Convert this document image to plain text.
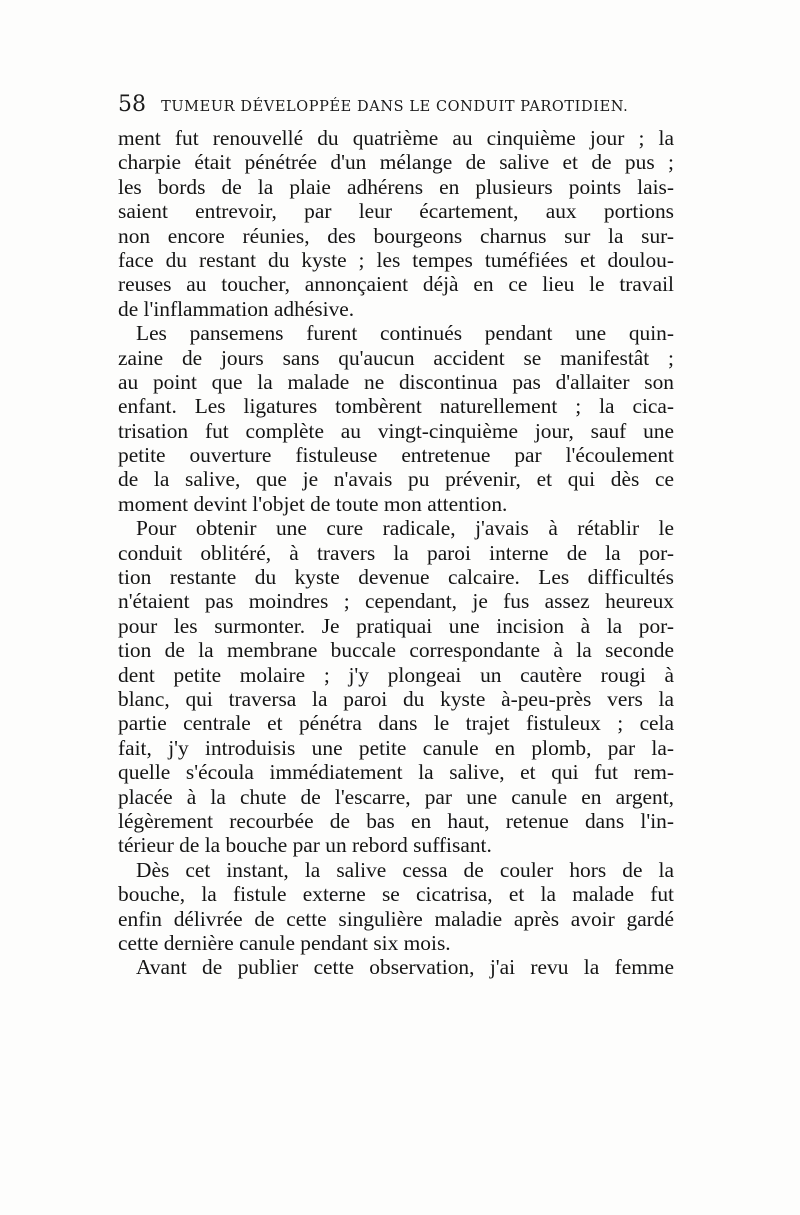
58 TUMEUR DÉVELOPPÉE DANS LE CONDUIT PAROTIDIEN.
ment fut renouvellé du quatrième au cinquième jour ; la
charpie était pénétrée d'un mélange de salive et de pus ;
les bords de la plaie adhérens en plusieurs points lais-
saient entrevoir, par leur écartement, aux portions
non encore réunies, des bourgeons charnus sur la sur-
face du restant du kyste ; les tempes tuméfiées et doulou-
reuses au toucher, annonçaient déjà en ce lieu le travail
de l'inflammation adhésive.
Les pansemens furent continués pendant une quin-
zaine de jours sans qu'aucun accident se manifestât ;
au point que la malade ne discontinua pas d'allaiter son
enfant. Les ligatures tombèrent naturellement ; la cica-
trisation fut complète au vingt-cinquième jour, sauf une
petite ouverture fistuleuse entretenue par l'écoulement
de la salive, que je n'avais pu prévenir, et qui dès ce
moment devint l'objet de toute mon attention.
Pour obtenir une cure radicale, j'avais à rétablir le
conduit oblitéré, à travers la paroi interne de la por-
tion restante du kyste devenue calcaire. Les difficultés
n'étaient pas moindres ; cependant, je fus assez heureux
pour les surmonter. Je pratiquai une incision à la por-
tion de la membrane buccale correspondante à la seconde
dent petite molaire ; j'y plongeai un cautère rougi à
blanc, qui traversa la paroi du kyste à-peu-près vers la
partie centrale et pénétra dans le trajet fistuleux ; cela
fait, j'y introduisis une petite canule en plomb, par la-
quelle s'écoula immédiatement la salive, et qui fut rem-
placée à la chute de l'escarre, par une canule en argent,
légèrement recourbée de bas en haut, retenue dans l'in-
térieur de la bouche par un rebord suffisant.
Dès cet instant, la salive cessa de couler hors de la
bouche, la fistule externe se cicatrisa, et la malade fut
enfin délivrée de cette singulière maladie après avoir gardé
cette dernière canule pendant six mois.
Avant de publier cette observation, j'ai revu la femme
